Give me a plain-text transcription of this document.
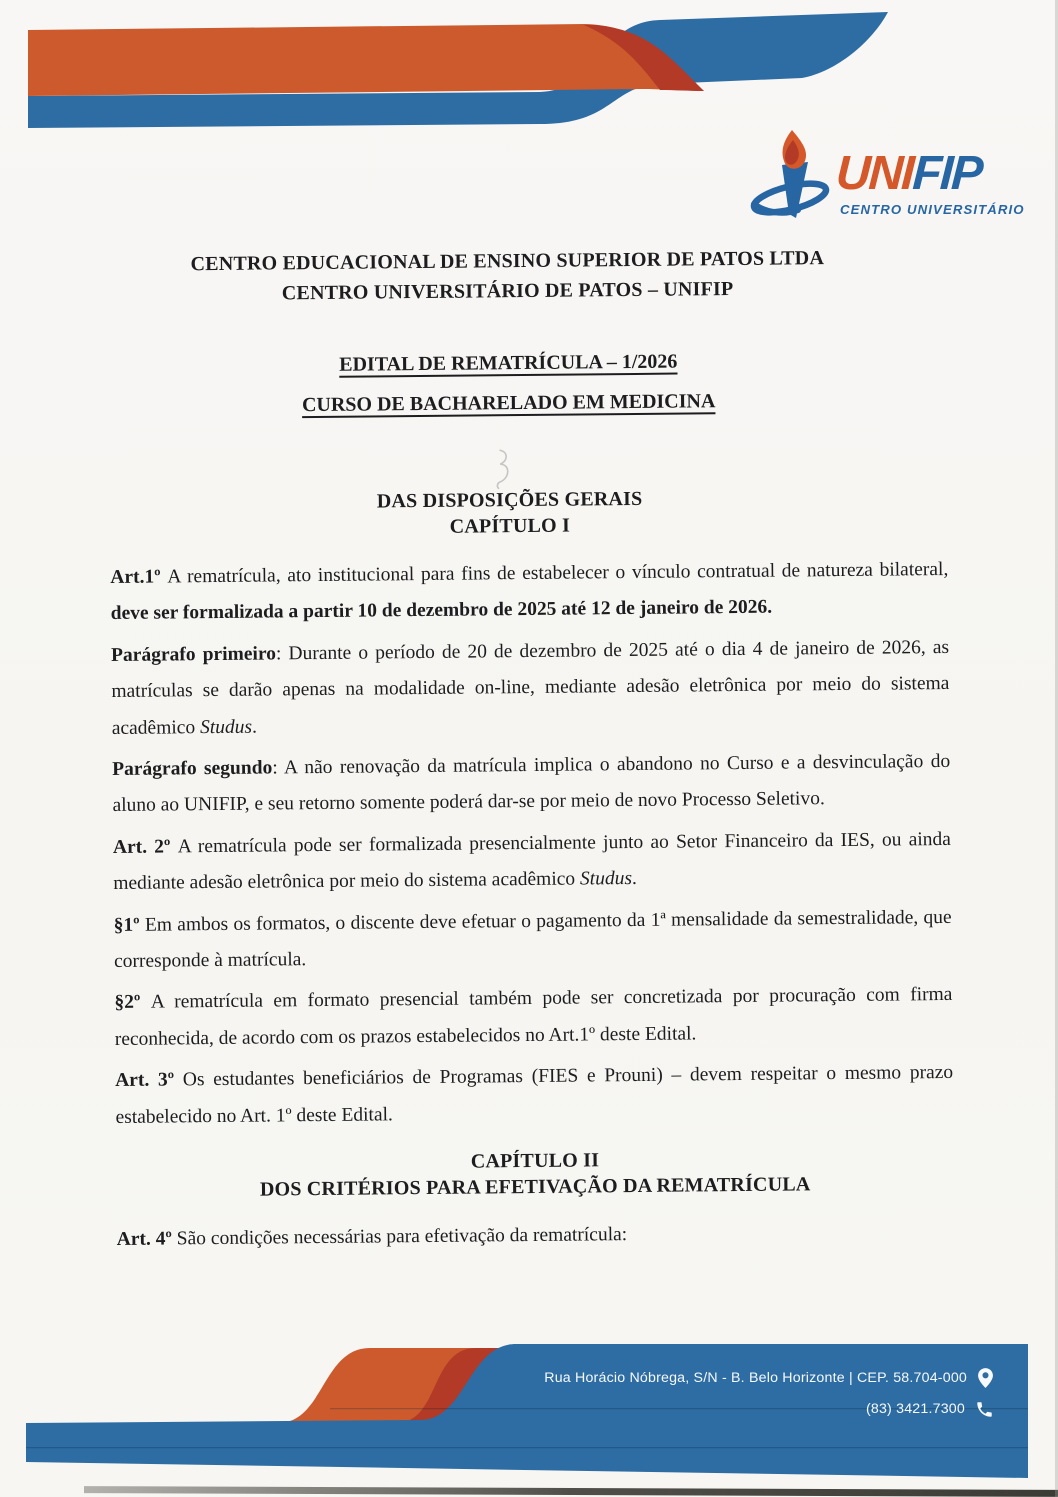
UNIFIP
CENTRO UNIVERSITÁRIO
CENTRO EDUCACIONAL DE ENSINO SUPERIOR DE PATOS LTDA
CENTRO UNIVERSITÁRIO DE PATOS – UNIFIP
EDITAL DE REMATRÍCULA – 1/2026
CURSO DE BACHARELADO EM MEDICINA
DAS DISPOSIÇÕES GERAIS
CAPÍTULO I

Art.1º A rematrícula, ato institucional para fins de estabelecer o vínculo contratual de natureza bilateral, deve ser formalizada a partir 10 de dezembro de 2025 até 12 de janeiro de 2026.

Parágrafo primeiro: Durante o período de 20 de dezembro de 2025 até o dia 4 de janeiro de 2026, as matrículas se darão apenas na modalidade on-line, mediante adesão eletrônica por meio do sistema acadêmico Studus.

Parágrafo segundo: A não renovação da matrícula implica o abandono no Curso e a desvinculação do aluno ao UNIFIP, e seu retorno somente poderá dar-se por meio de novo Processo Seletivo.

Art. 2º A rematrícula pode ser formalizada presencialmente junto ao Setor Financeiro da IES, ou ainda mediante adesão eletrônica por meio do sistema acadêmico Studus.

§1º Em ambos os formatos, o discente deve efetuar o pagamento da 1ª mensalidade da semestralidade, que corresponde à matrícula.

§2º A rematrícula em formato presencial também pode ser concretizada por procuração com firma reconhecida, de acordo com os prazos estabelecidos no Art.1º deste Edital.

Art. 3º Os estudantes beneficiários de Programas (FIES e Prouni) – devem respeitar o mesmo prazo estabelecido no Art. 1º deste Edital.

CAPÍTULO II
DOS CRITÉRIOS PARA EFETIVAÇÃO DA REMATRÍCULA

Art. 4º São condições necessárias para efetivação da rematrícula:

Rua Horácio Nóbrega, S/N - B. Belo Horizonte | CEP. 58.704-000
(83) 3421.7300
